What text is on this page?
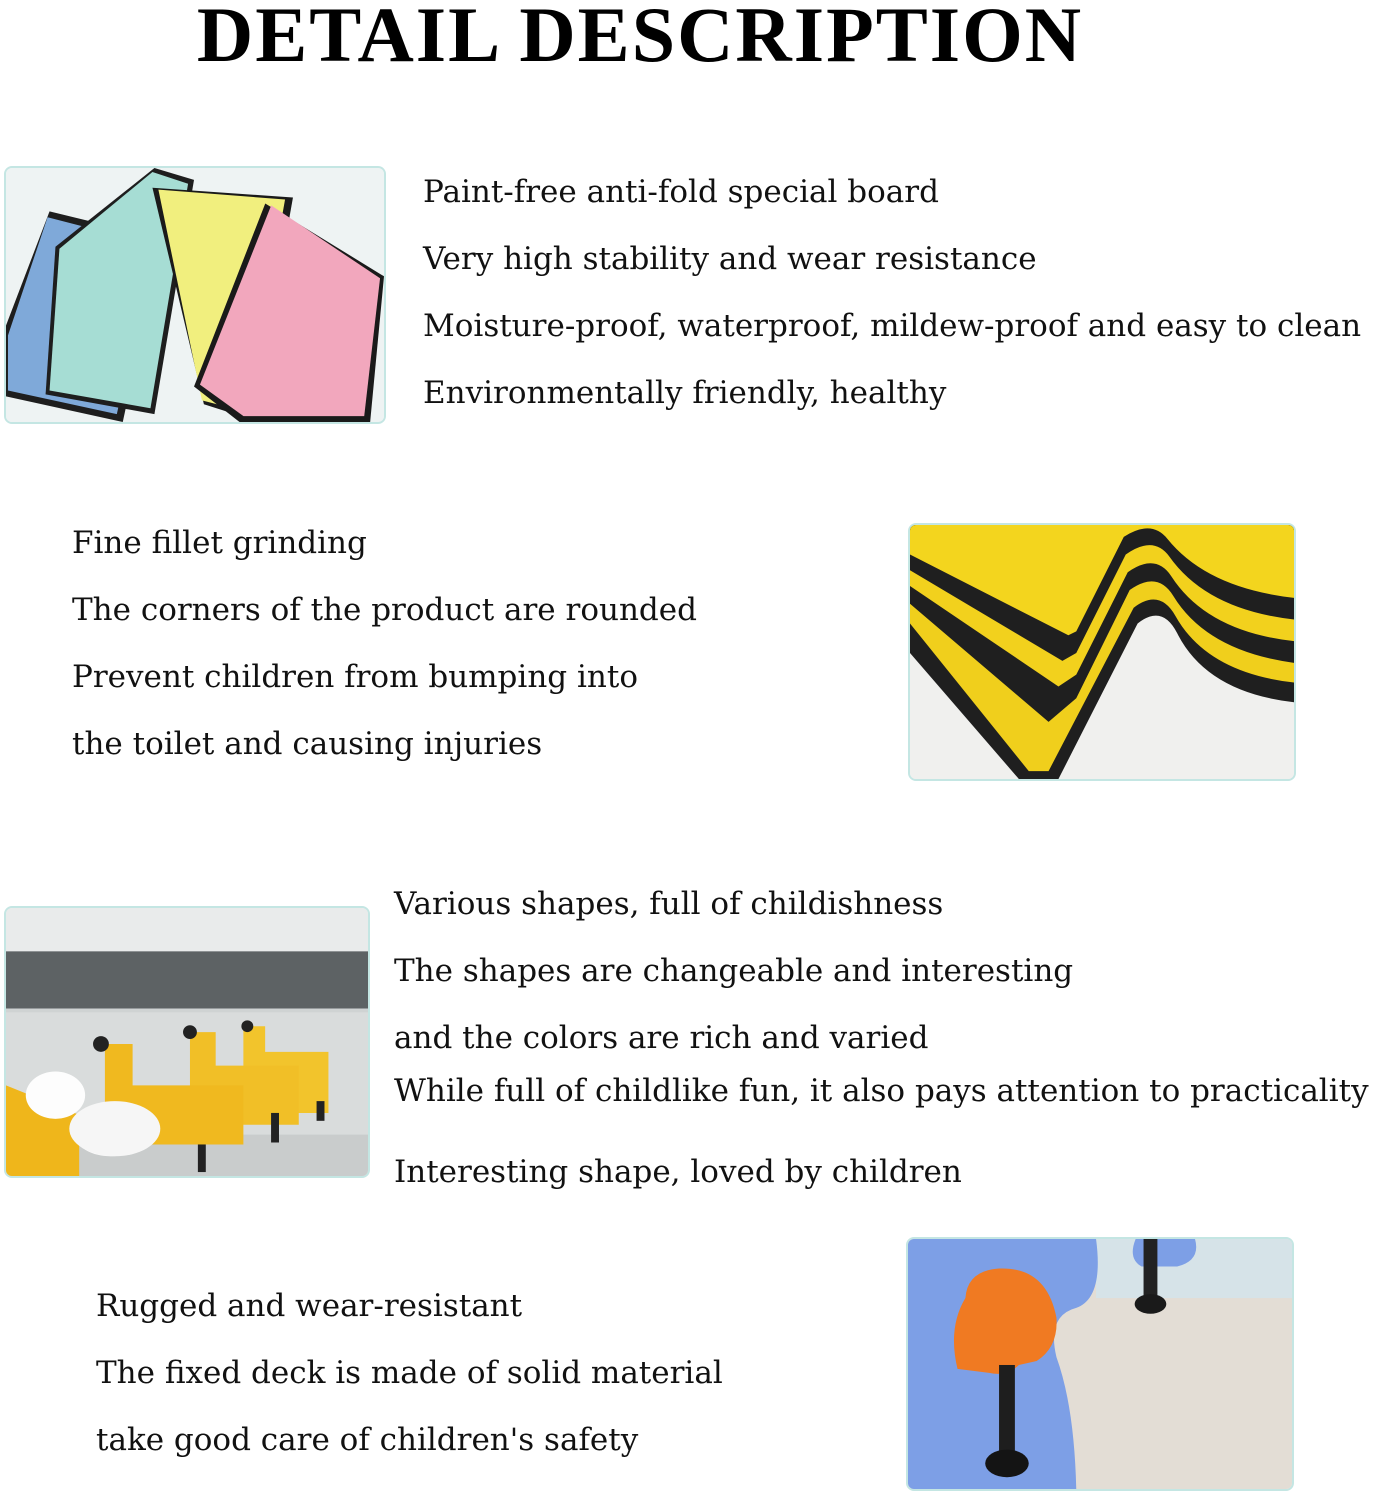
DETAIL DESCRIPTION

Paint-free anti-fold special board

Very high stability and wear resistance

Moisture-proof, waterproof, mildew-proof and easy to clean

Environmentally friendly, healthy

Fine fillet grinding

The corners of the product are rounded

Prevent children from bumping into

the toilet and causing injuries

Various shapes, full of childishness

The shapes are changeable and interesting

and the colors are rich and varied

While full of childlike fun, it also pays attention to practicality

Interesting shape, loved by children

Rugged and wear-resistant

The fixed deck is made of solid material

take good care of children's safety
